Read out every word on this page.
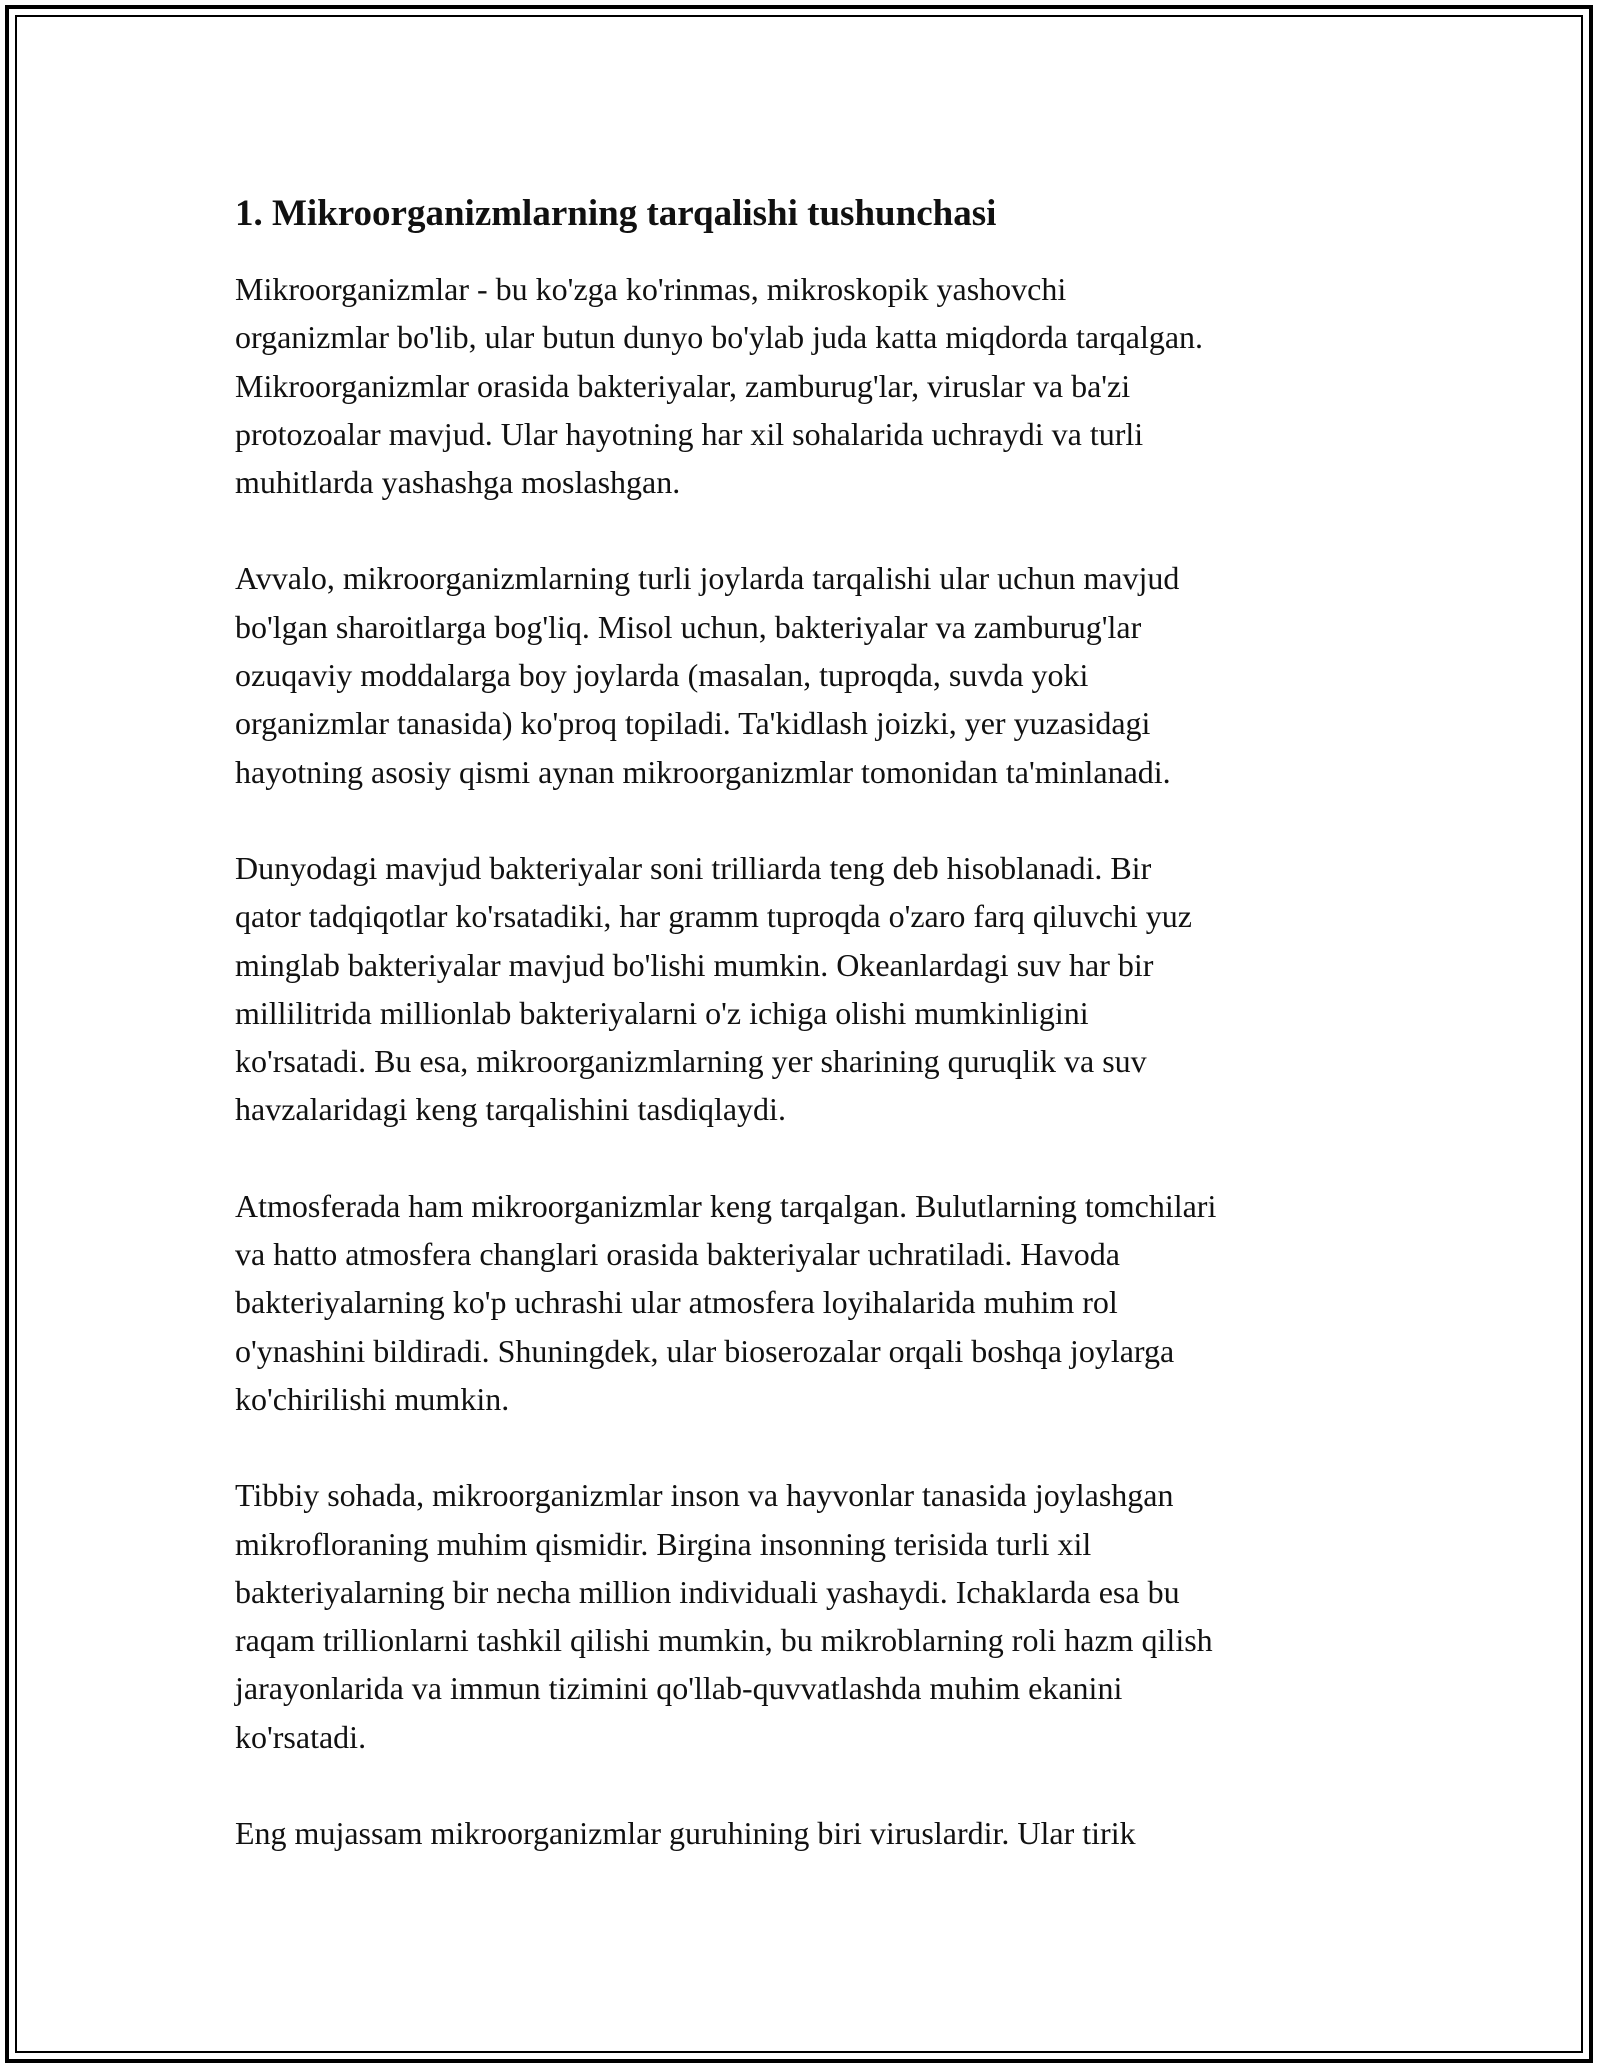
1. Mikroorganizmlarning tarqalishi tushunchasi

Mikroorganizmlar - bu ko'zga ko'rinmas, mikroskopik yashovchi
organizmlar bo'lib, ular butun dunyo bo'ylab juda katta miqdorda tarqalgan.
Mikroorganizmlar orasida bakteriyalar, zamburug'lar, viruslar va ba'zi
protozoalar mavjud. Ular hayotning har xil sohalarida uchraydi va turli
muhitlarda yashashga moslashgan.

Avvalo, mikroorganizmlarning turli joylarda tarqalishi ular uchun mavjud
bo'lgan sharoitlarga bog'liq. Misol uchun, bakteriyalar va zamburug'lar
ozuqaviy moddalarga boy joylarda (masalan, tuproqda, suvda yoki
organizmlar tanasida) ko'proq topiladi. Ta'kidlash joizki, yer yuzasidagi
hayotning asosiy qismi aynan mikroorganizmlar tomonidan ta'minlanadi.

Dunyodagi mavjud bakteriyalar soni trilliarda teng deb hisoblanadi. Bir
qator tadqiqotlar ko'rsatadiki, har gramm tuproqda o'zaro farq qiluvchi yuz
minglab bakteriyalar mavjud bo'lishi mumkin. Okeanlardagi suv har bir
millilitrida millionlab bakteriyalarni o'z ichiga olishi mumkinligini
ko'rsatadi. Bu esa, mikroorganizmlarning yer sharining quruqlik va suv
havzalaridagi keng tarqalishini tasdiqlaydi.

Atmosferada ham mikroorganizmlar keng tarqalgan. Bulutlarning tomchilari
va hatto atmosfera changlari orasida bakteriyalar uchratiladi. Havoda
bakteriyalarning ko'p uchrashi ular atmosfera loyihalarida muhim rol
o'ynashini bildiradi. Shuningdek, ular bioserozalar orqali boshqa joylarga
ko'chirilishi mumkin.

Tibbiy sohada, mikroorganizmlar inson va hayvonlar tanasida joylashgan
mikrofloraning muhim qismidir. Birgina insonning terisida turli xil
bakteriyalarning bir necha million individuali yashaydi. Ichaklarda esa bu
raqam trillionlarni tashkil qilishi mumkin, bu mikroblarning roli hazm qilish
jarayonlarida va immun tizimini qo'llab-quvvatlashda muhim ekanini
ko'rsatadi.

Eng mujassam mikroorganizmlar guruhining biri viruslardir. Ular tirik
